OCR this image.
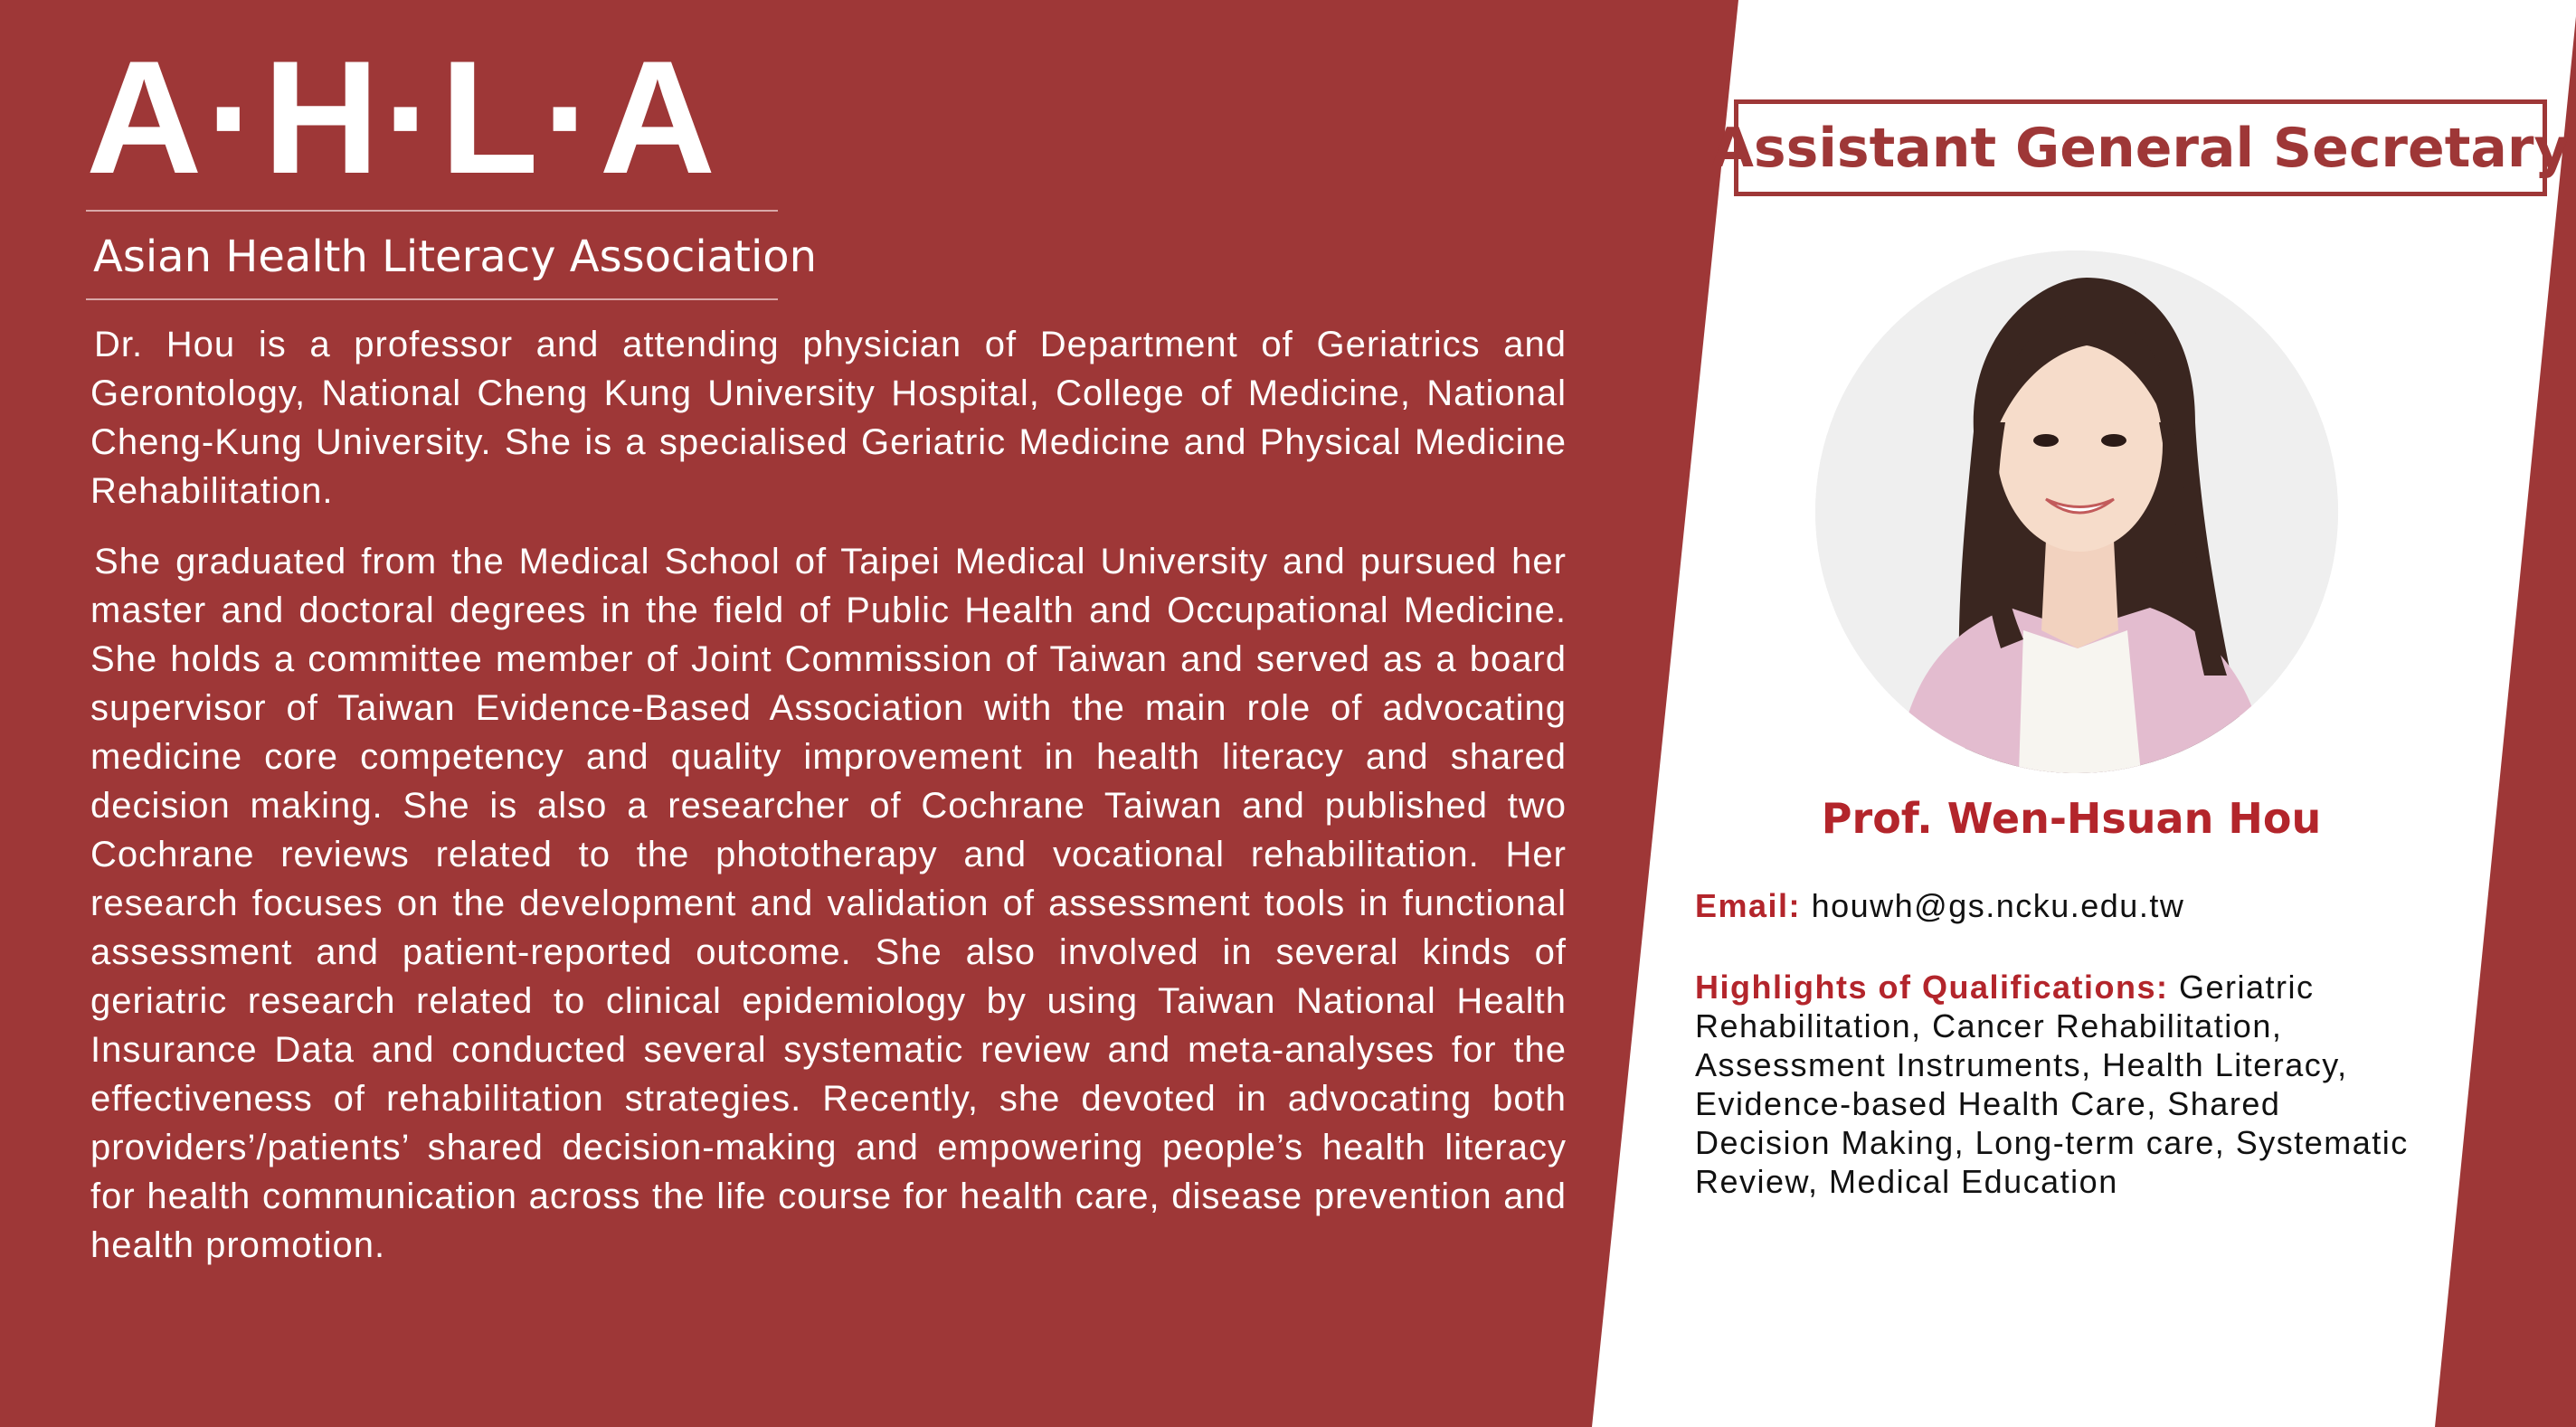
A·H·L·A
Asian Health Literacy Association

Dr. Hou is a professor and attending physician of Department of Geriatrics and Gerontology, National Cheng Kung University Hospital, College of Medicine, National Cheng-Kung University. She is a specialised Geriatric Medicine and Physical Medicine Rehabilitation.

She graduated from the Medical School of Taipei Medical University and pursued her master and doctoral degrees in the field of Public Health and Occupational Medicine. She holds a committee member of Joint Commission of Taiwan and served as a board supervisor of Taiwan Evidence-Based Association with the main role of advocating medicine core competency and quality improvement in health literacy and shared decision making. She is also a researcher of Cochrane Taiwan and published two Cochrane reviews related to the phototherapy and vocational rehabilitation. Her research focuses on the development and validation of assessment tools in functional assessment and patient-reported outcome. She also involved in several kinds of geriatric research related to clinical epidemiology by using Taiwan National Health Insurance Data and conducted several systematic review and meta-analyses for the effectiveness of rehabilitation strategies. Recently, she devoted in advocating both providers’/patients’ shared decision-making and empowering people’s health literacy for health communication across the life course for health care, disease prevention and health promotion.

Assistant General Secretary
Prof. Wen-Hsuan Hou
Email: houwh@gs.ncku.edu.tw
Highlights of Qualifications: Geriatric Rehabilitation, Cancer Rehabilitation, Assessment Instruments, Health Literacy, Evidence-based Health Care, Shared Decision Making, Long-term care, Systematic Review, Medical Education
